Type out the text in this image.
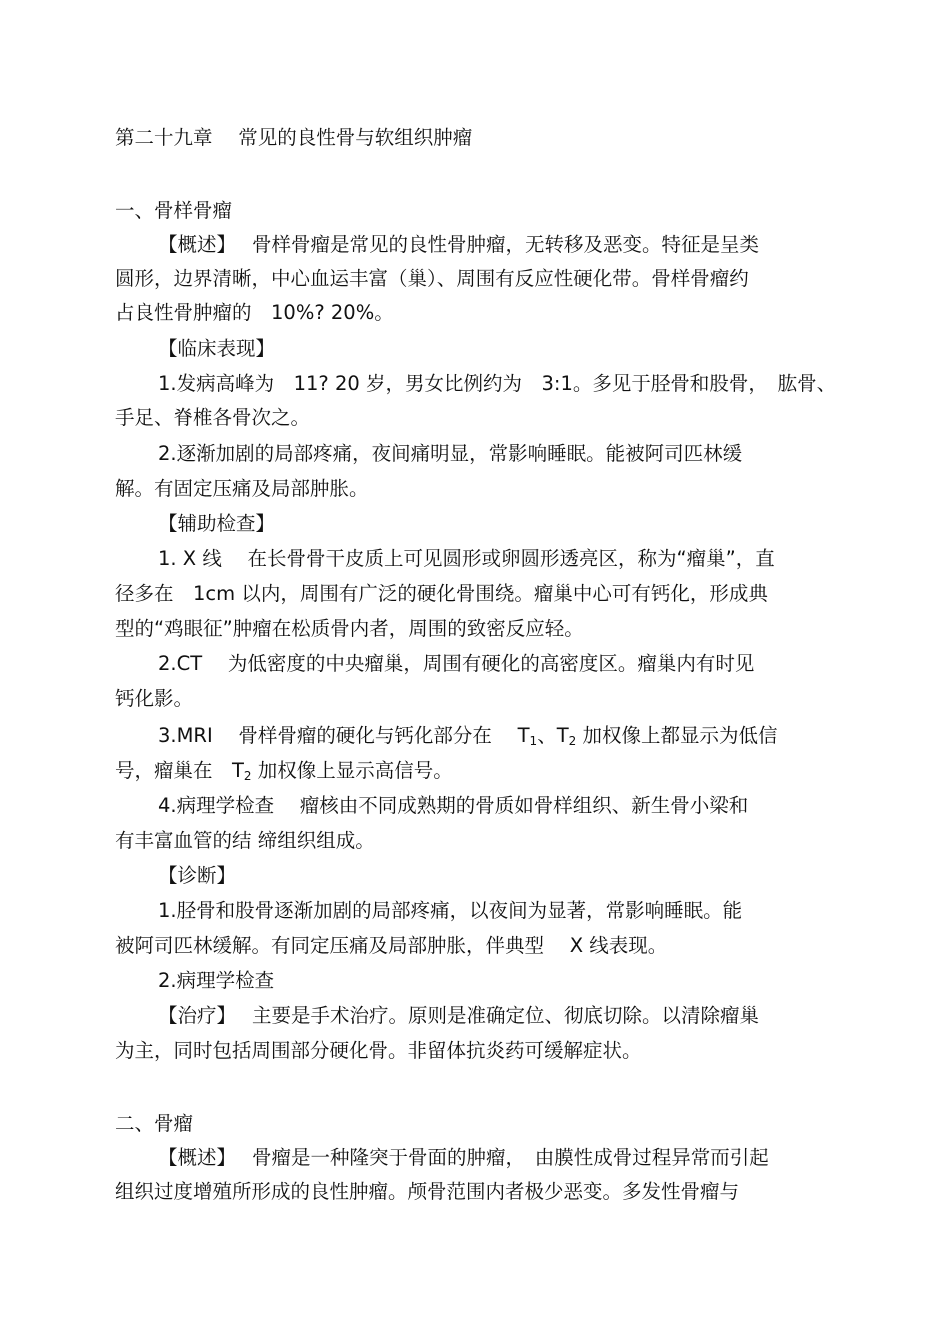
第二十九章　 常见的良性骨与软组织肿瘤
一、骨样骨瘤
【概述】　 骨样骨瘤是常见的良性骨肿瘤，无转移及恶变。特征是呈类
圆形，边界清晰，中心血运丰富（巢）、周围有反应性硬化带。骨样骨瘤约
占良性骨肿瘤的　10%? 20%。
【临床表现】
1.发病高峰为　11? 20 岁，男女比例约为　3:1。多见于胫骨和股骨，　肱骨、
手足、脊椎各骨次之。
2.逐渐加剧的局部疼痛，夜间痛明显，常影响睡眠。能被阿司匹林缓
解。有固定压痛及局部肿胀。
【辅助检查】
1. X 线　 在长骨骨干皮质上可见圆形或卵圆形透亮区，称为“瘤巢”，直
径多在　1cm 以内，周围有广泛的硬化骨围绕。瘤巢中心可有钙化，形成典
型的“鸡眼征”肿瘤在松质骨内者，周围的致密反应轻。
2.CT　 为低密度的中央瘤巢，周围有硬化的高密度区。瘤巢内有时见
钙化影。
3.MRI　 骨样骨瘤的硬化与钙化部分在　 $T_1$、$T_2$ 加权像上都显示为低信
号，瘤巢在　$T_2$ 加权像上显示高信号。
4.病理学检查　 瘤核由不同成熟期的骨质如骨样组织、新生骨小梁和
有丰富血管的结 缔组织组成。
【诊断】
1.胫骨和股骨逐渐加剧的局部疼痛，以夜间为显著，常影响睡眠。能
被阿司匹林缓解。有同定压痛及局部肿胀，伴典型　 X 线表现。
2.病理学检查
【治疗】　 主要是手术治疗。原则是准确定位、彻底切除。以清除瘤巢
为主，同时包括周围部分硬化骨。非留体抗炎药可缓解症状。
二、骨瘤
【概述】　 骨瘤是一种隆突于骨面的肿瘤，　由膜性成骨过程异常而引起
组织过度增殖所形成的良性肿瘤。颅骨范围内者极少恶变。多发性骨瘤与
